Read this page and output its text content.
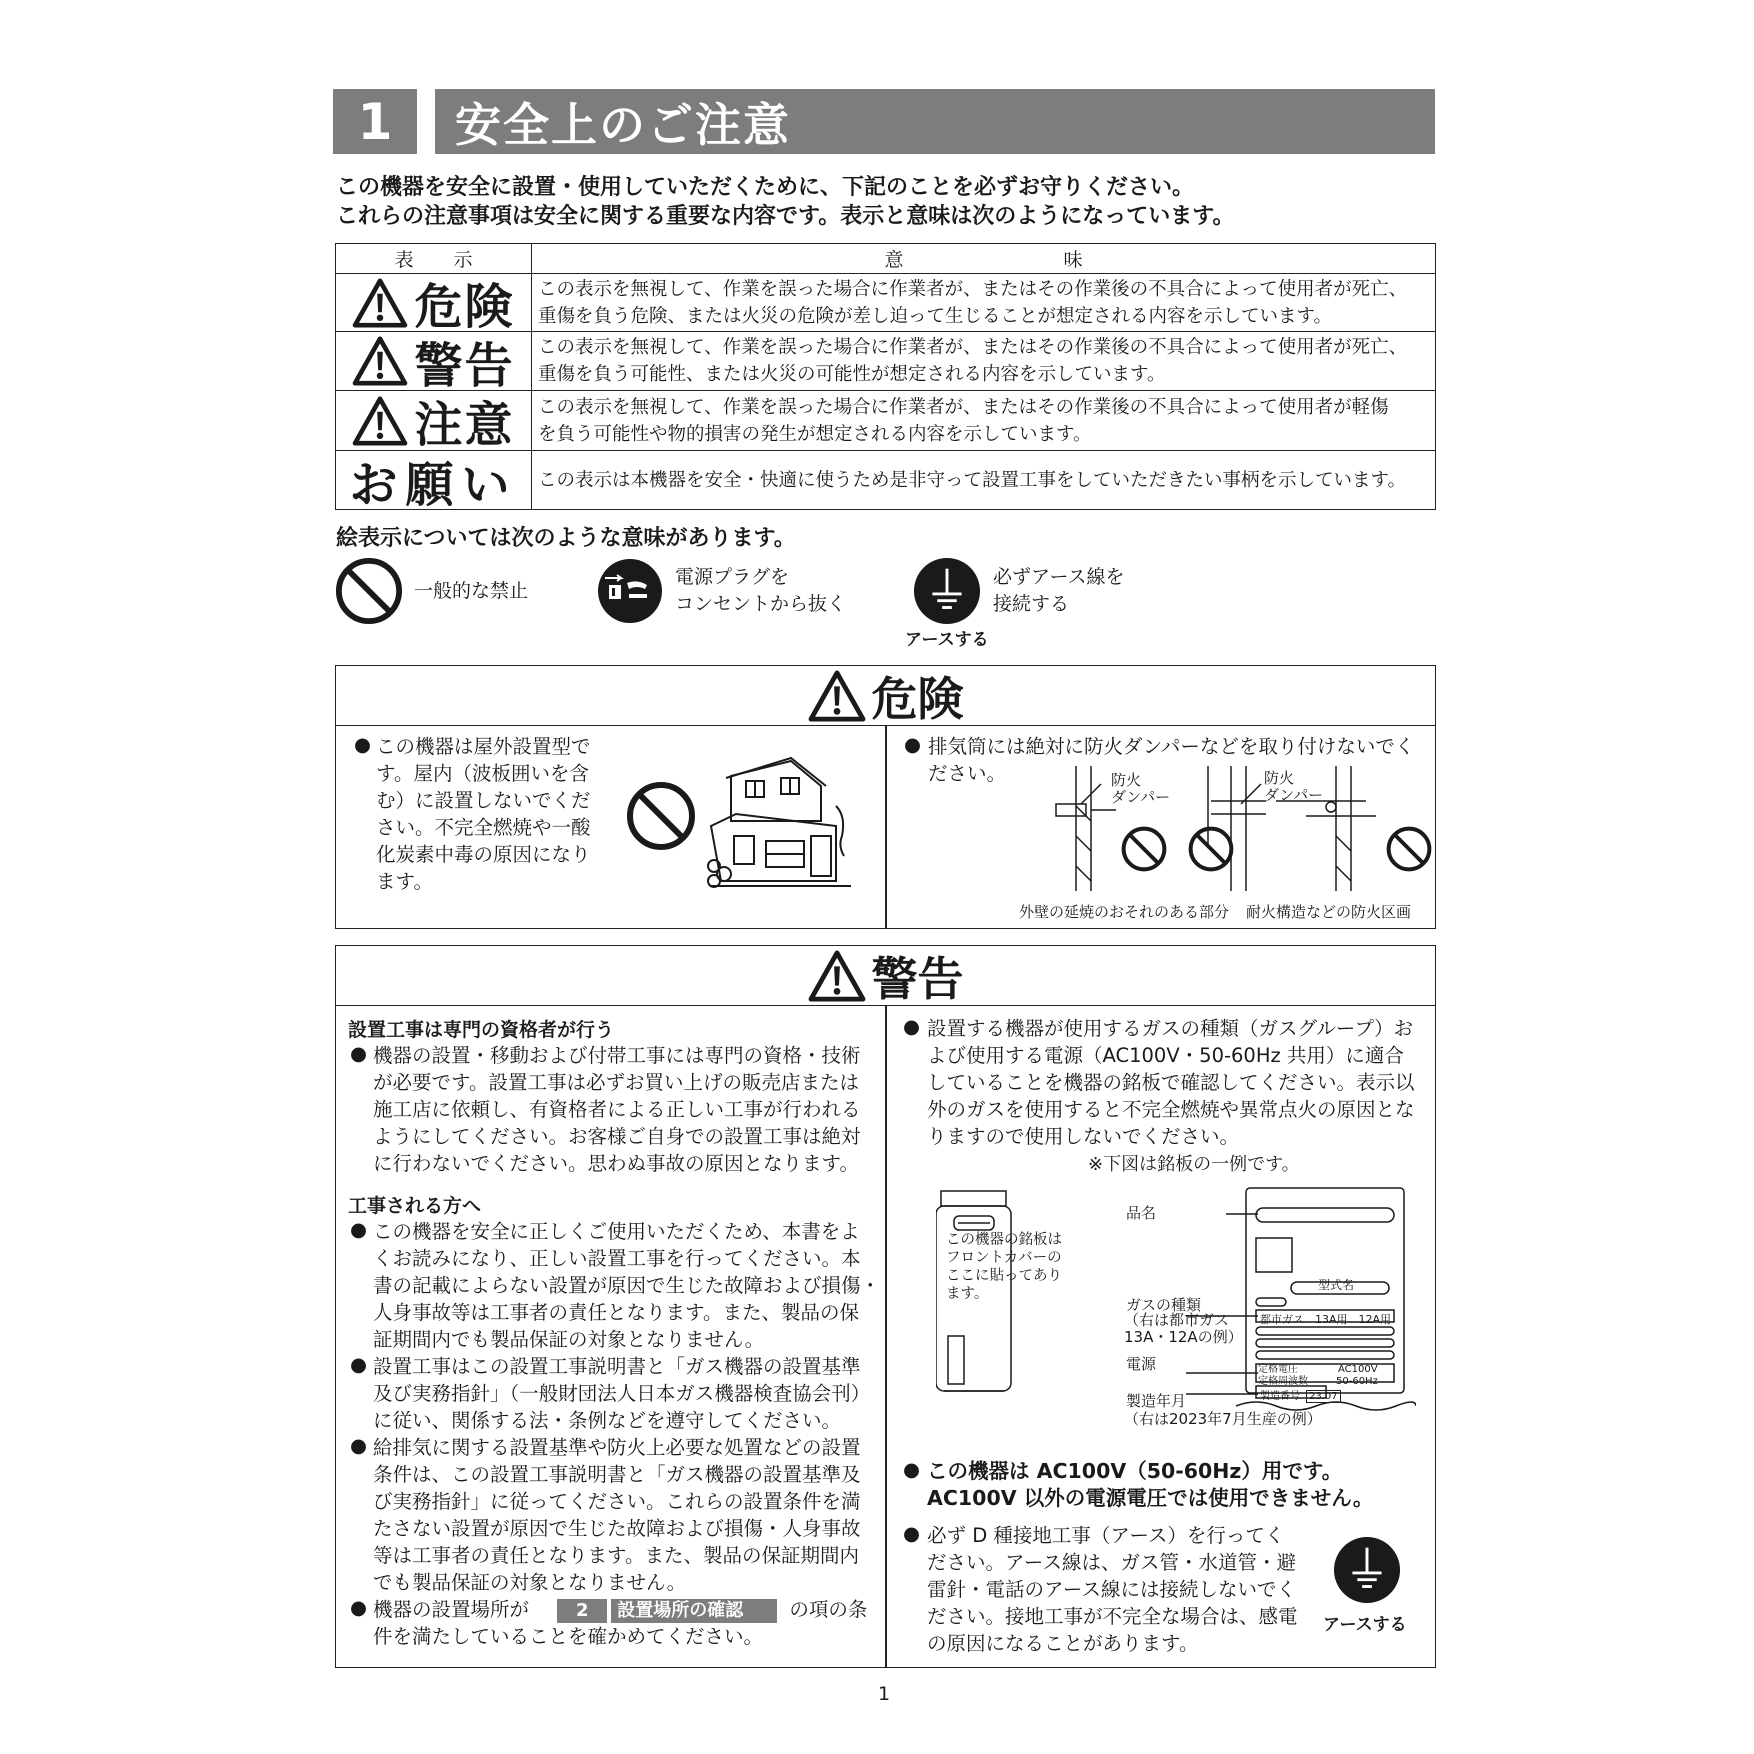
1	安全上のご注意
この機器を安全に設置・使用していただくために、下記のことを必ずお守りください。
これらの注意事項は安全に関する重要な内容です。表示と意味は次のようになっています。
表示	意味
危険 この表示を無視して、作業を誤った場合に作業者が、またはその作業後の不具合によって使用者が死亡、
重傷を負う危険、または火災の危険が差し迫って生じることが想定される内容を示しています。
警告 この表示を無視して、作業を誤った場合に作業者が、またはその作業後の不具合によって使用者が死亡、
重傷を負う可能性、または火災の可能性が想定される内容を示しています。
注意 この表示を無視して、作業を誤った場合に作業者が、またはその作業後の不具合によって使用者が軽傷
を負う可能性や物的損害の発生が想定される内容を示しています。
お願い この表示は本機器を安全・快適に使うため是非守って設置工事をしていただきたい事柄を示しています。
絵表示については次のような意味があります。
一般的な禁止
電源プラグを
コンセントから抜く
アースする
必ずアース線を
接続する
危険
● この機器は屋外設置型で
す。屋内（波板囲いを含
む）に設置しないでくだ
さい。不完全燃焼や一酸
化炭素中毒の原因になり
ます。
● 排気筒には絶対に防火ダンパーなどを取り付けないでく
ださい。	防火
ダンパー
防火
ダンパー
外壁の延焼のおそれのある部分 耐火構造などの防火区画
警告
設置工事は専門の資格者が行う
● 機器の設置・移動および付帯工事には専門の資格・技術
が必要です。設置工事は必ずお買い上げの販売店または
施工店に依頼し、有資格者による正しい工事が行われる
ようにしてください。お客様ご自身での設置工事は絶対
に行わないでください。思わぬ事故の原因となります。
工事される方へ
● この機器を安全に正しくご使用いただくため、本書をよ
くお読みになり、正しい設置工事を行ってください。本
書の記載によらない設置が原因で生じた故障および損傷・
人身事故等は工事者の責任となります。また、製品の保
証期間内でも製品保証の対象となりません。
● 設置工事はこの設置工事説明書と「ガス機器の設置基準
及び実務指針」（一般財団法人日本ガス機器検査協会刊）
に従い、関係する法・条例などを遵守してください。
● 給排気に関する設置基準や防火上必要な処置などの設置
条件は、この設置工事説明書と「ガス機器の設置基準及
び実務指針」に従ってください。これらの設置条件を満
たさない設置が原因で生じた故障および損傷・人身事故
等は工事者の責任となります。また、製品の保証期間内
でも製品保証の対象となりません。
● 機器の設置場所が	2 設置場所の確認 の項の条
件を満たしていることを確かめてください。
● 設置する機器が使用するガスの種類（ガスグループ）お
よび使用する電源（AC100V・50-60Hz 共用）に適合
していることを機器の銘板で確認してください。表示以
外のガスを使用すると不完全燃焼や異常点火の原因とな
りますので使用しないでください。
※下図は銘板の一例です。
この機器の銘板は
フロントカバーの
ここに貼ってあり
ます。
品名
型式名
ガスの種類
（右は都市ガス
13A・12Aの例）
都市ガス　13A用　12A用
電源	定格電圧	AC100V
定格周波数	50-60Hz
製造年月
（右は2023年7月生産の例）
製造番号 23.07
● この機器は AC100V（50-60Hz）用です。
AC100V 以外の電源電圧では使用できません。
● 必ず D 種接地工事（アース）を行ってく
ださい。アース線は、ガス管・水道管・避
雷針・電話のアース線には接続しないでく
ださい。接地工事が不完全な場合は、感電
の原因になることがあります。
アースする
1
